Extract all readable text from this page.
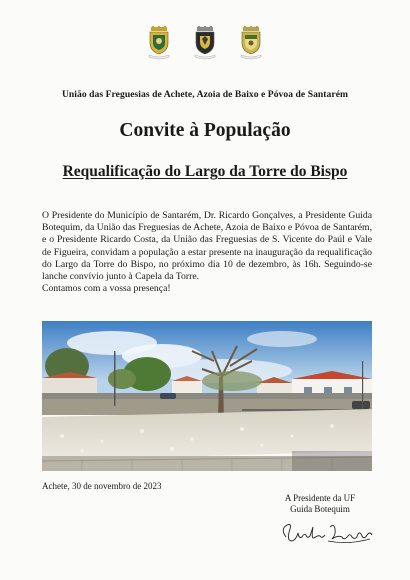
União das Freguesias de Achete, Azoia de Baixo e Póvoa de Santarém
Convite à População
Requalificação do Largo da Torre do Bispo

O Presidente do Município de Santarém, Dr. Ricardo Gonçalves, a Presidente Guida Botequim, da União das Freguesias de Achete, Azoia de Baixo e Póvoa de Santarém, e o Presidente Ricardo Costa, da União das Freguesias de S. Vicente do Paúl e Vale de Figueira, convidam a população a estar presente na inauguração da requalificação do Largo da Torre do Bispo, no próximo dia 10 de dezembro, às 16h. Seguindo-se lanche convívio junto à Capela da Torre.

Contamos com a vossa presença!

Achete, 30 de novembro de 2023
A Presidente da UF
Guida Botequim
